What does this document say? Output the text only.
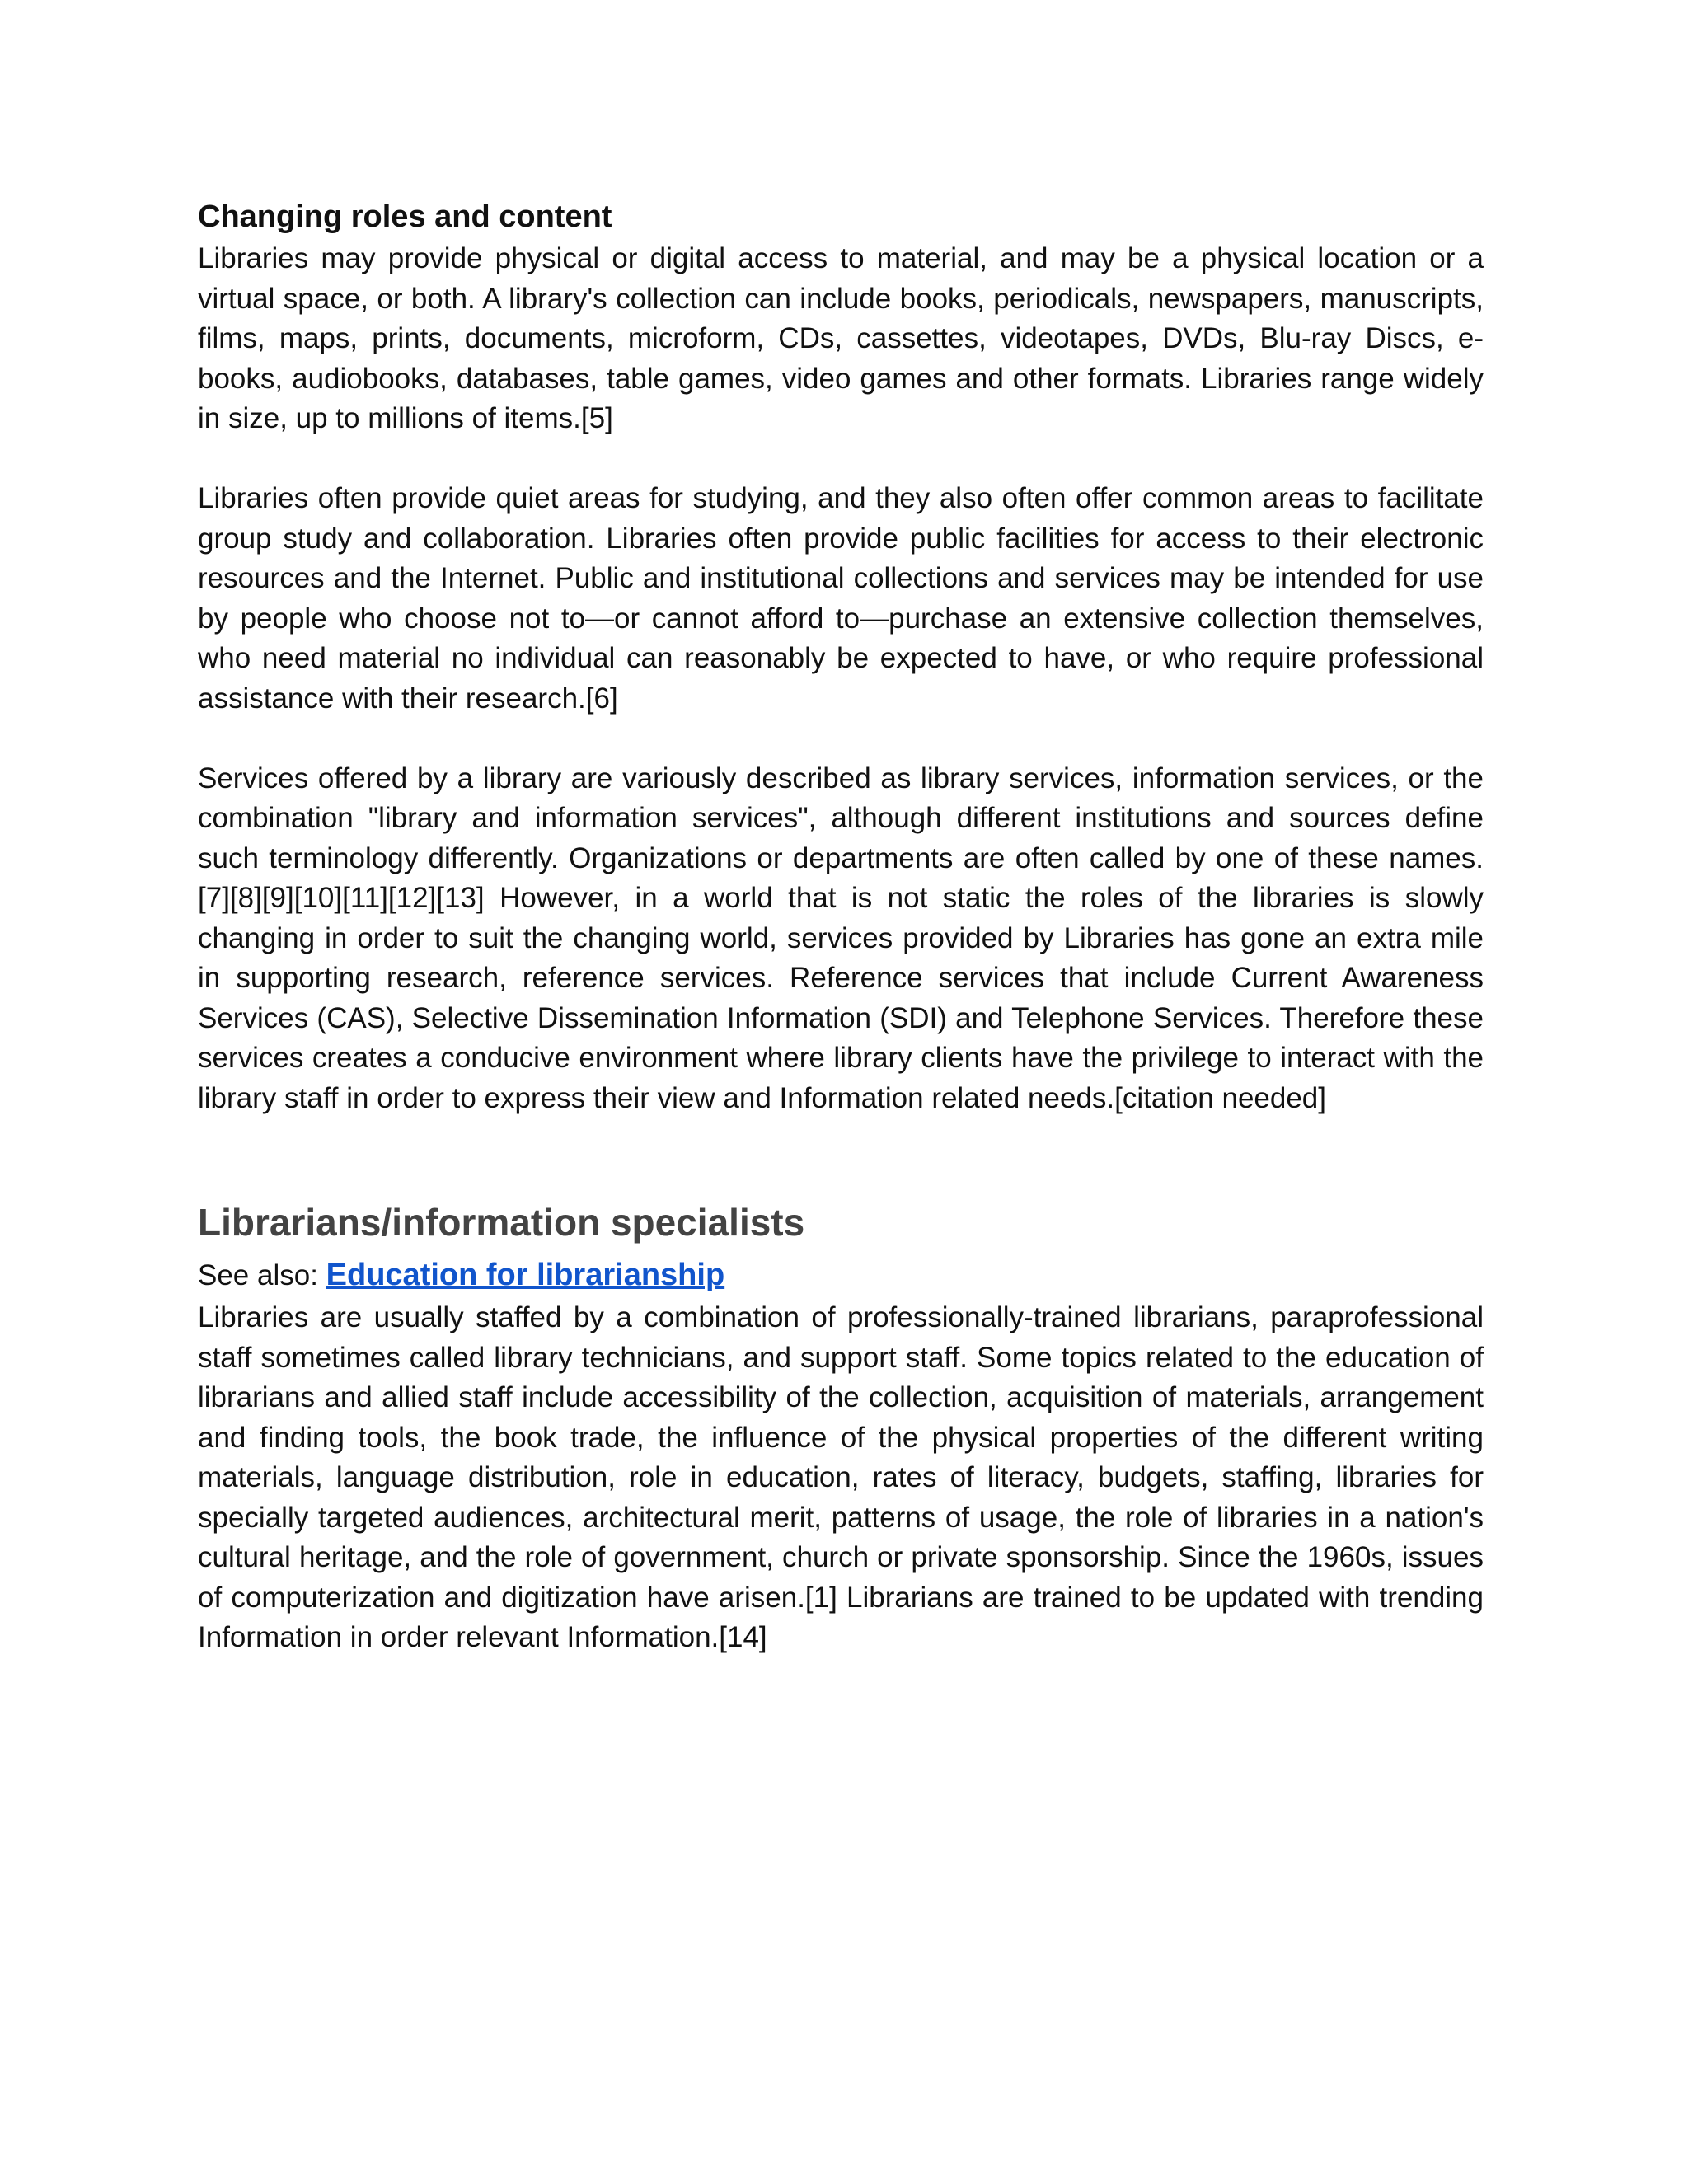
Changing roles and content

Libraries may provide physical or digital access to material, and may be a physical location or a virtual space, or both. A library's collection can include books, periodicals, newspapers, manuscripts, films, maps, prints, documents, microform, CDs, cassettes, videotapes, DVDs, Blu-ray Discs, e-books, audiobooks, databases, table games, video games and other formats. Libraries range widely in size, up to millions of items.[5]

Libraries often provide quiet areas for studying, and they also often offer common areas to facilitate group study and collaboration. Libraries often provide public facilities for access to their electronic resources and the Internet. Public and institutional collections and services may be intended for use by people who choose not to—or cannot afford to—purchase an extensive collection themselves, who need material no individual can reasonably be expected to have, or who require professional assistance with their research.[6]

Services offered by a library are variously described as library services, information services, or the combination "library and information services", although different institutions and sources define such terminology differently. Organizations or departments are often called by one of these names.[7][8][9][10][11][12][13] However, in a world that is not static the roles of the libraries is slowly changing in order to suit the changing world, services provided by Libraries has gone an extra mile in supporting research, reference services. Reference services that include Current Awareness Services (CAS), Selective Dissemination Information (SDI) and Telephone Services. Therefore these services creates a conducive environment where library clients have the privilege to interact with the library staff in order to express their view and Information related needs.[citation needed]

Librarians/information specialists

See also: Education for librarianship

Libraries are usually staffed by a combination of professionally-trained librarians, paraprofessional staff sometimes called library technicians, and support staff. Some topics related to the education of librarians and allied staff include accessibility of the collection, acquisition of materials, arrangement and finding tools, the book trade, the influence of the physical properties of the different writing materials, language distribution, role in education, rates of literacy, budgets, staffing, libraries for specially targeted audiences, architectural merit, patterns of usage, the role of libraries in a nation's cultural heritage, and the role of government, church or private sponsorship. Since the 1960s, issues of computerization and digitization have arisen.[1] Librarians are trained to be updated with trending Information in order relevant Information.[14]
